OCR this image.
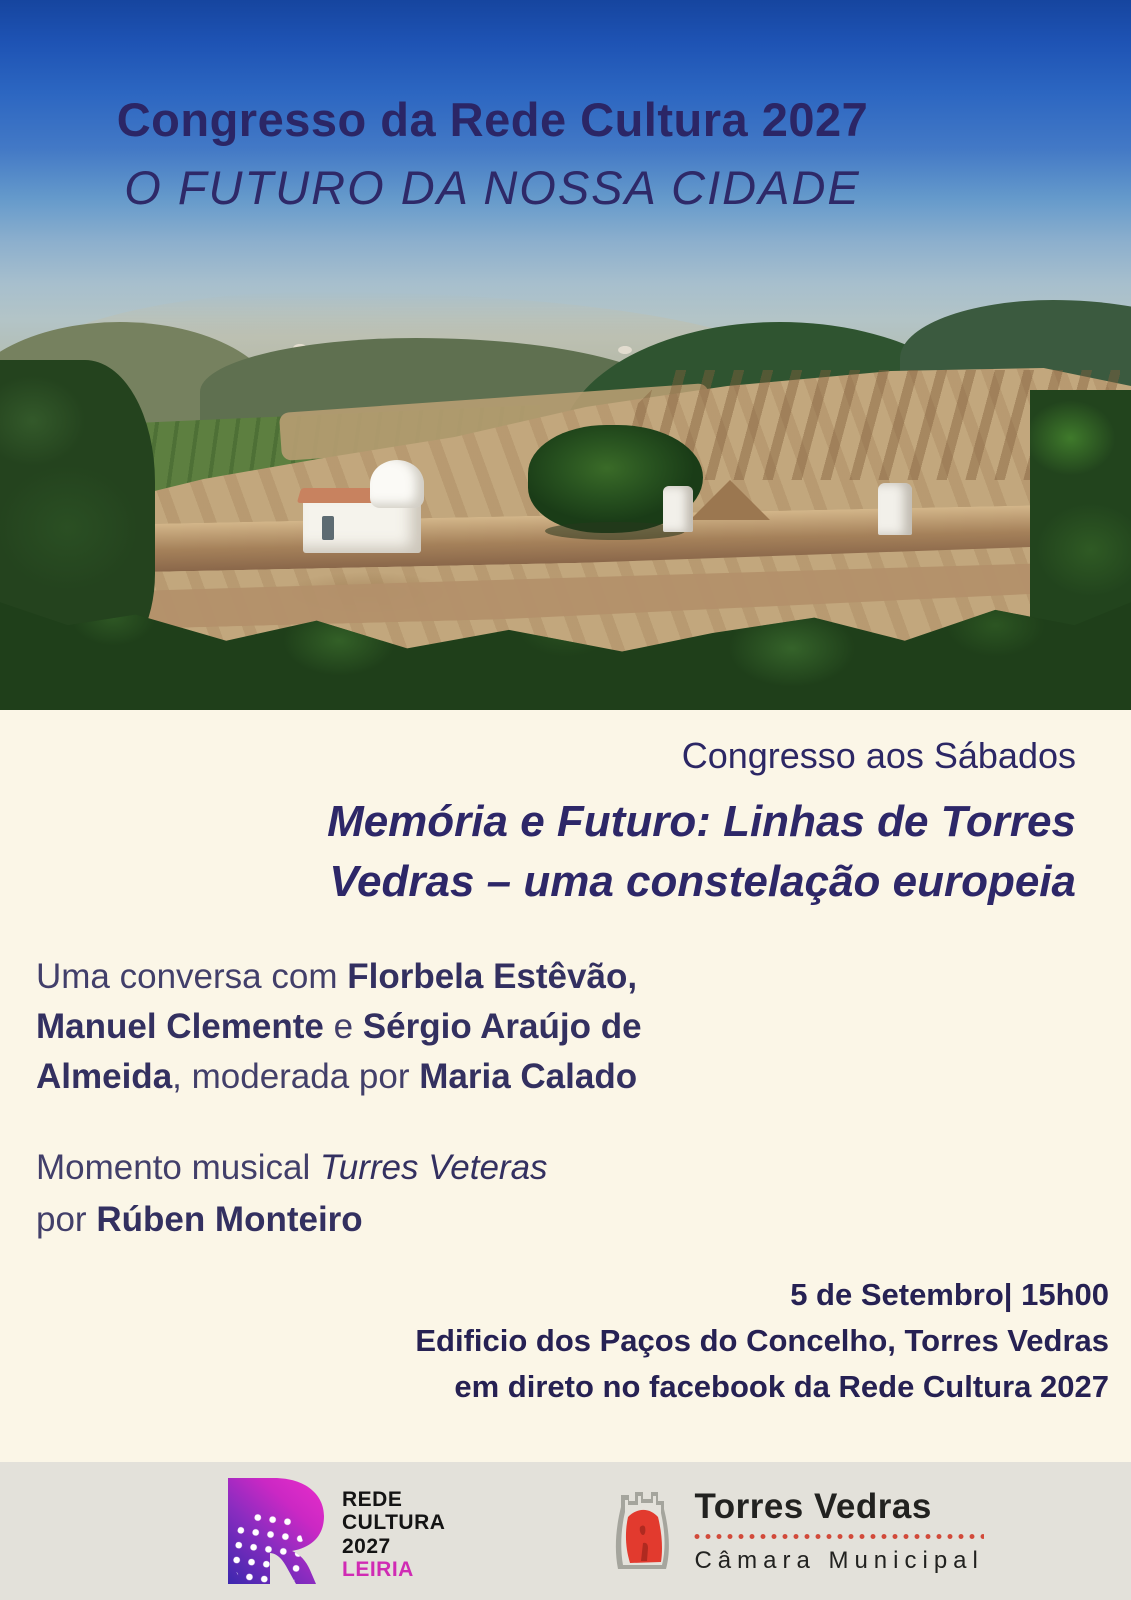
Congresso da Rede Cultura 2027
O FUTURO DA NOSSA CIDADE
Congresso aos Sábados
Memória e Futuro: Linhas de Torres
Vedras – uma constelação europeia
Uma conversa com Florbela Estêvão,
Manuel Clemente e Sérgio Araújo de
Almeida, moderada por Maria Calado
Momento musical Turres Veteras
por Rúben Monteiro
5 de Setembro| 15h00
Edificio dos Paços do Concelho, Torres Vedras
em direto no facebook da Rede Cultura 2027
REDE
CULTURA
2027
LEIRIA
Torres Vedras
Câmara Municipal
